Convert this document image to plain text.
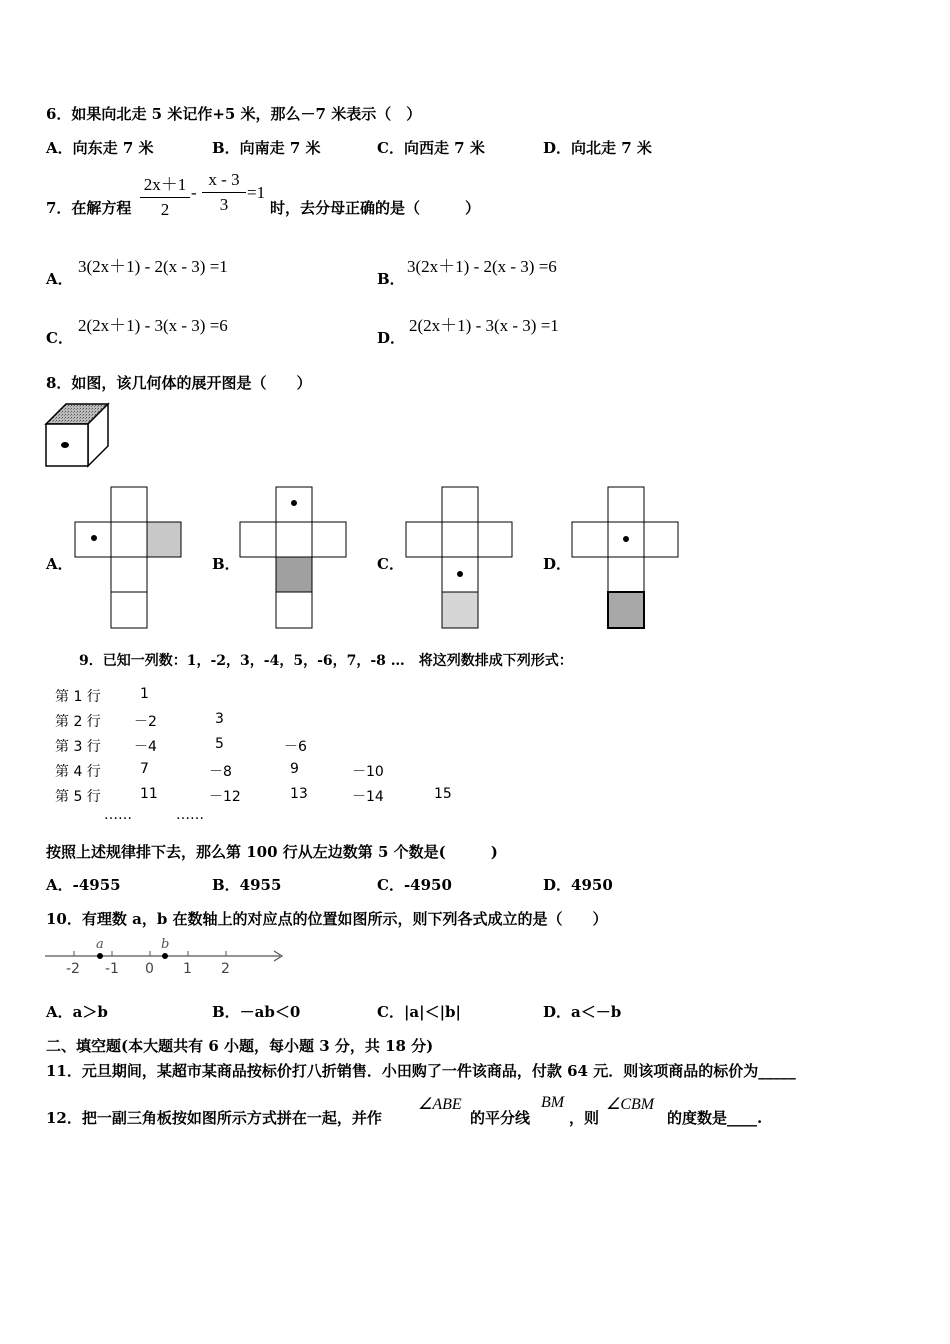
6．如果向北走 5 米记作+5 米，那么－7 米表示（　）
A．向东走 7 米	B．向南走 7 米	C．向西走 7 米	D．向北走 7 米
7．在解方程
2x＋1
2
-
x - 3
3
=1
时，去分母正确的是（　　　）
A．
3(2x＋1) - 2(x - 3) =1
B．
3(2x＋1) - 2(x - 3) =6
C．
2(2x＋1) - 3(x - 3) =6
D．
2(2x＋1) - 3(x - 3) =1
8．如图，该几何体的展开图是（　　）
A．	B．	C．	D．
9．已知一列数：1，-2，3，-4，5，-6，7，-8 …　将这列数排成下列形式：
第 1 行	1
第 2 行 －2	3
第 3 行 －4	5	－6
第 4 行	7	－8	9	－10
第 5 行	11	－12	13	－14	15
……	……
按照上述规律排下去，那么第 100 行从左边数第 5 个数是(　　　)
A．-4955	B．4955	C．-4950	D．4950
10．有理数 a，b 在数轴上的对应点的位置如图所示，则下列各式成立的是（　　）
a	b
-2 -1 0 1 2
A．a＞b	B．－ab＜0	C．|a|＜|b|	D．a＜－b
二、填空题(本大题共有 6 小题，每小题 3 分，共 18 分)
11．元旦期间，某超市某商品按标价打八折销售．小田购了一件该商品，付款 64 元．则该项商品的标价为_____
12．把一副三角板按如图所示方式拼在一起，并作
∠ABE
的平分线
BM
，则
∠CBM
的度数是____.
